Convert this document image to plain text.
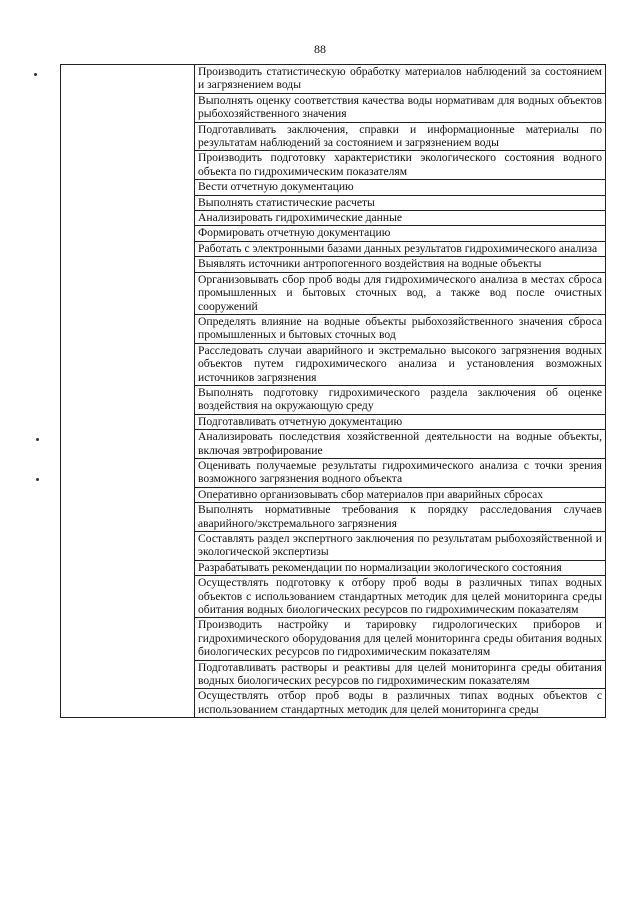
88
	Производить статистическую обработку материалов наблюдений за состоянием и загрязнением воды
Выполнять оценку соответствия качества воды нормативам для водных объектов рыбохозяйственного значения
Подготавливать заключения, справки и информационные материалы по результатам наблюдений за состоянием и загрязнением воды
Производить подготовку характеристики экологического состояния водного объекта по гидрохимическим показателям
Вести отчетную документацию
Выполнять статистические расчеты
Анализировать гидрохимические данные
Формировать отчетную документацию
Работать с электронными базами данных результатов гидрохимического анализа
Выявлять источники антропогенного воздействия на водные объекты
Организовывать сбор проб воды для гидрохимического анализа в местах сброса промышленных и бытовых сточных вод, а также вод после очистных сооружений
Определять влияние на водные объекты рыбохозяйственного значения сброса промышленных и бытовых сточных вод
Расследовать случаи аварийного и экстремально высокого загрязнения водных объектов путем гидрохимического анализа и установления возможных источников загрязнения
Выполнять подготовку гидрохимического раздела заключения об оценке воздействия на окружающую среду
Подготавливать отчетную документацию
Анализировать последствия хозяйственной деятельности на водные объекты, включая эвтрофирование
Оценивать получаемые результаты гидрохимического анализа с точки зрения возможного загрязнения водного объекта
Оперативно организовывать сбор материалов при аварийных сбросах
Выполнять нормативные требования к порядку расследования случаев аварийного/экстремального загрязнения
Составлять раздел экспертного заключения по результатам рыбохозяйственной и экологической экспертизы
Разрабатывать рекомендации по нормализации экологического состояния
Осуществлять подготовку к отбору проб воды в различных типах водных объектов с использованием стандартных методик для целей мониторинга среды обитания водных биологических ресурсов по гидрохимическим показателям
Производить настройку и тарировку гидрологических приборов и гидрохимического оборудования для целей мониторинга среды обитания водных биологических ресурсов по гидрохимическим показателям
Подготавливать растворы и реактивы для целей мониторинга среды обитания водных биологических ресурсов по гидрохимическим показателям
Осуществлять отбор проб воды в различных типах водных объектов с использованием стандартных методик для целей мониторинга среды
